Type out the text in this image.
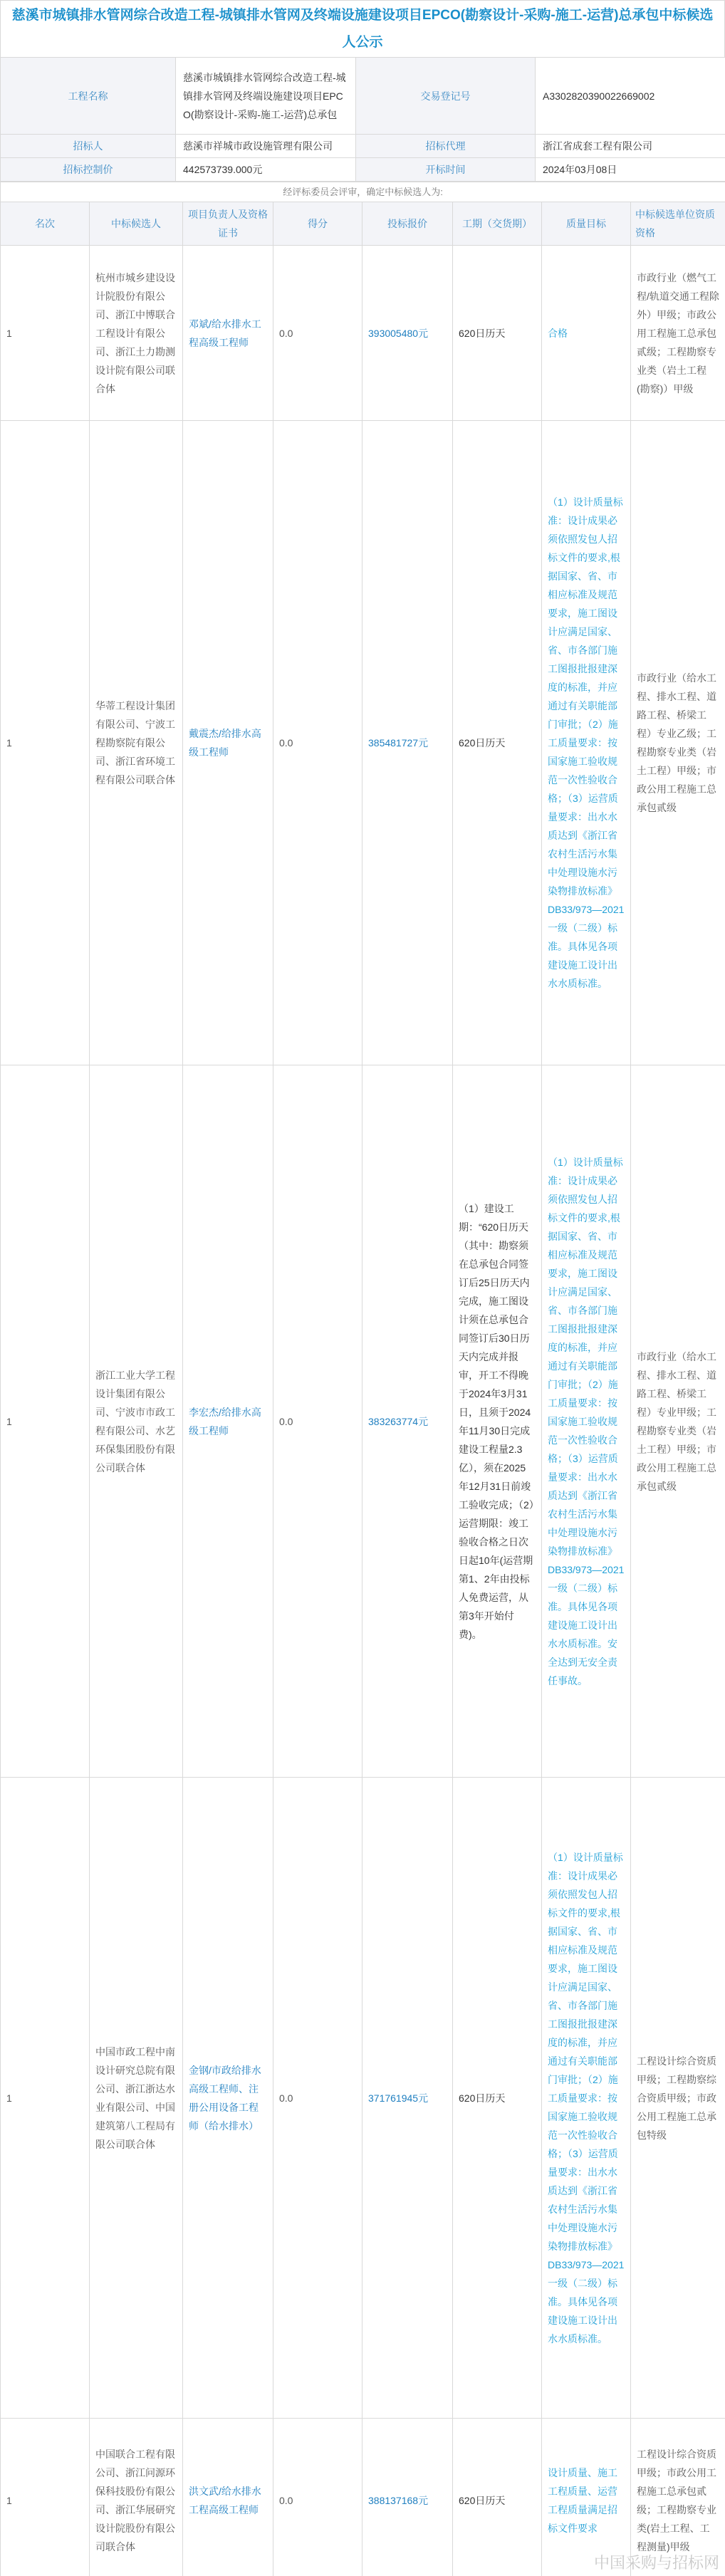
慈溪市城镇排水管网综合改造工程-城镇排水管网及终端设施建设项目EPCO(勘察设计-采购-施工-运营)总承包中标候选人公示
工程名称	慈溪市城镇排水管网综合改造工程-城镇排水管网及终端设施建设项目EPCO(勘察设计-采购-施工-运营)总承包	交易登记号	A3302820390022669002
招标人	慈溪市祥城市政设施管理有限公司	招标代理	浙江省成套工程有限公司
招标控制价	442573739.000元	开标时间	2024年03月08日
经评标委员会评审，确定中标候选人为:							
名次	中标候选人	项目负责人及资格证书	得分	投标报价	工期（交货期）	质量目标	中标候选单位资质资格
1	杭州市城乡建设设计院股份有限公司、浙江中博联合工程设计有限公司、浙江土力勘测设计院有限公司联合体	邓斌/给水排水工程高级工程师	0.0	393005480元	620日历天	合格	市政行业（燃气工程/轨道交通工程除外）甲级；市政公用工程施工总承包贰级；工程勘察专业类（岩土工程(勘察)）甲级
1	华蒂工程设计集团有限公司、宁波工程勘察院有限公司、浙江省环境工程有限公司联合体	戴震杰/给排水高级工程师	0.0	385481727元	620日历天	（1）设计质量标准：设计成果必须依照发包人招标文件的要求,根据国家、省、市相应标准及规范要求，施工图设计应满足国家、省、市各部门施工图报批报建深度的标准，并应通过有关职能部门审批；（2）施工质量要求：按国家施工验收规范一次性验收合格；（3）运营质量要求：出水水质达到《浙江省农村生活污水集中处理设施水污染物排放标准》DB33/973—2021一级（二级）标准。具体见各项建设施工设计出水水质标准。	市政行业（给水工程、排水工程、道路工程、桥梁工程）专业乙级；工程勘察专业类（岩土工程）甲级；市政公用工程施工总承包贰级
1	浙江工业大学工程设计集团有限公司、宁波市市政工程有限公司、水艺环保集团股份有限公司联合体	李宏杰/给排水高级工程师	0.0	383263774元	（1）建设工期：“620日历天（其中：勘察须在总承包合同签订后25日历天内完成，施工图设计须在总承包合同签订后30日历天内完成并报审，开工不得晚于2024年3月31日，且须于2024年11月30日完成建设工程量2.3亿），须在2025年12月31日前竣工验收完成；（2）运营期限：竣工验收合格之日次日起10年(运营期第1、2年由投标人免费运营，从第3年开始付费)。	（1）设计质量标准：设计成果必须依照发包人招标文件的要求,根据国家、省、市相应标准及规范要求，施工图设计应满足国家、省、市各部门施工图报批报建深度的标准，并应通过有关职能部门审批；（2）施工质量要求：按国家施工验收规范一次性验收合格；（3）运营质量要求：出水水质达到《浙江省农村生活污水集中处理设施水污染物排放标准》DB33/973—2021一级（二级）标准。具体见各项建设施工设计出水水质标准。安全达到无安全责任事故。	市政行业（给水工程、排水工程、道路工程、桥梁工程）专业甲级；工程勘察专业类（岩土工程）甲级；市政公用工程施工总承包贰级
1	中国市政工程中南设计研究总院有限公司、浙江浙达水业有限公司、中国建筑第八工程局有限公司联合体	金钢/市政给排水高级工程师、注册公用设备工程师（给水排水）	0.0	371761945元	620日历天	（1）设计质量标准：设计成果必须依照发包人招标文件的要求,根据国家、省、市相应标准及规范要求，施工图设计应满足国家、省、市各部门施工图报批报建深度的标准，并应通过有关职能部门审批；（2）施工质量要求：按国家施工验收规范一次性验收合格；（3）运营质量要求：出水水质达到《浙江省农村生活污水集中处理设施水污染物排放标准》DB33/973—2021一级（二级）标准。具体见各项建设施工设计出水水质标准。	工程设计综合资质甲级；工程勘察综合资质甲级；市政公用工程施工总承包特级
1	中国联合工程有限公司、浙江问源环保科技股份有限公司、浙江华展研究设计院股份有限公司联合体	洪文武/给水排水工程高级工程师	0.0	388137168元	620日历天	设计质量、施工工程质量、运营工程质量满足招标文件要求	工程设计综合资质甲级；市政公用工程施工总承包贰级；工程勘察专业类(岩土工程、工程测量)甲级
中国采购与招标网
